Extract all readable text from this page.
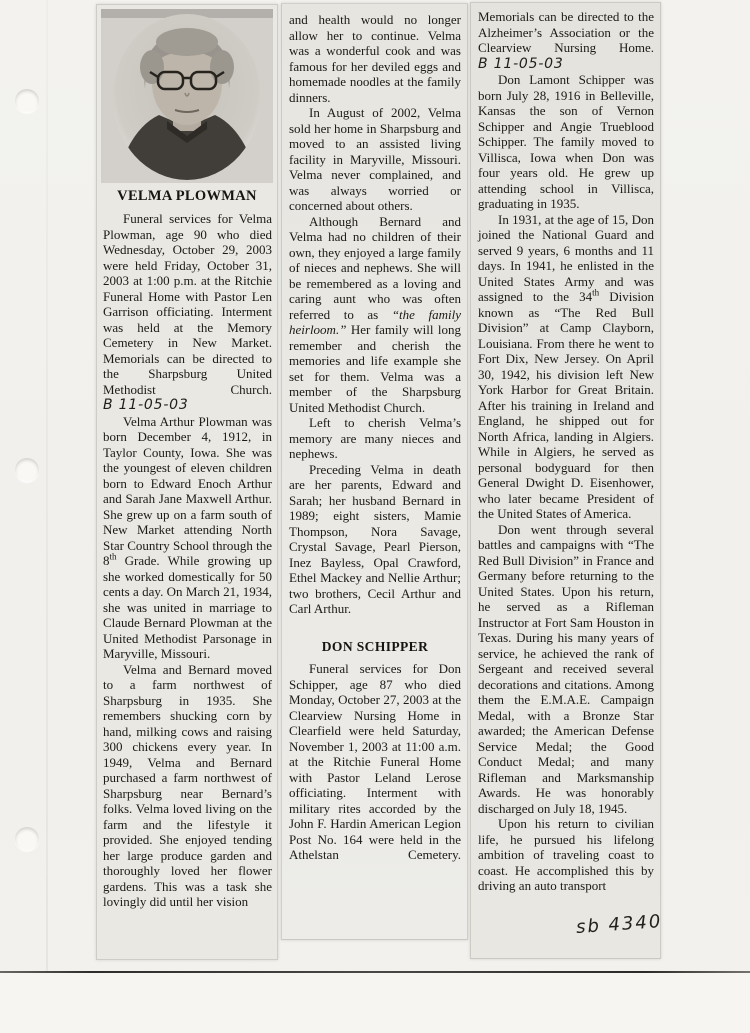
VELMA PLOWMAN

Funeral services for Velma Plowman, age 90 who died Wednesday, October 29, 2003 were held Friday, October 31, 2003 at 1:00 p.m. at the Ritchie Funeral Home with Pastor Len Garrison officiating. Interment was held at the Memory Cemetery in New Market. Memorials can be directed to the Sharpsburg United Methodist Church. B 11-05-03

Velma Arthur Plowman was born December 4, 1912, in Taylor County, Iowa. She was the youngest of eleven children born to Edward Enoch Arthur and Sarah Jane Maxwell Arthur. She grew up on a farm south of New Market attending North Star Country School through the 8th Grade. While growing up she worked domestically for 50 cents a day. On March 21, 1934, she was united in marriage to Claude Bernard Plowman at the United Methodist Parsonage in Maryville, Missouri.

Velma and Bernard moved to a farm northwest of Sharpsburg in 1935. She remembers shucking corn by hand, milking cows and raising 300 chickens every year. In 1949, Velma and Bernard purchased a farm northwest of Sharpsburg near Bernard’s folks. Velma loved living on the farm and the lifestyle it provided. She enjoyed tending her large produce garden and thoroughly loved her flower gardens. This was a task she lovingly did until her vision

and health would no longer allow her to continue. Velma was a wonderful cook and was famous for her deviled eggs and homemade noodles at the family dinners.

In August of 2002, Velma sold her home in Sharpsburg and moved to an assisted living facility in Maryville, Missouri. Velma never complained, and was always worried or concerned about others.

Although Bernard and Velma had no children of their own, they enjoyed a large family of nieces and nephews. She will be remembered as a loving and caring aunt who was often referred to as “the family heirloom.” Her family will long remember and cherish the memories and life example she set for them. Velma was a member of the Sharpsburg United Methodist Church.

Left to cherish Velma’s memory are many nieces and nephews.

Preceding Velma in death are her parents, Edward and Sarah; her husband Bernard in 1989; eight sisters, Mamie Thompson, Nora Savage, Crystal Savage, Pearl Pierson, Inez Bayless, Opal Crawford, Ethel Mackey and Nellie Arthur; two brothers, Cecil Arthur and Carl Arthur.

DON SCHIPPER

Funeral services for Don Schipper, age 87 who died Monday, October 27, 2003 at the Clearview Nursing Home in Clearfield were held Saturday, November 1, 2003 at 11:00 a.m. at the Ritchie Funeral Home with Pastor Leland Lerose officiating. Interment with military rites accorded by the John F. Hardin American Legion Post No. 164 were held in the Athelstan Cemetery.

Memorials can be directed to the Alzheimer’s Association or the Clearview Nursing Home. B 11-05-03

Don Lamont Schipper was born July 28, 1916 in Belleville, Kansas the son of Vernon Schipper and Angie Trueblood Schipper. The family moved to Villisca, Iowa when Don was four years old. He grew up attending school in Villisca, graduating in 1935.

In 1931, at the age of 15, Don joined the National Guard and served 9 years, 6 months and 11 days. In 1941, he enlisted in the United States Army and was assigned to the 34th Division known as “The Red Bull Division” at Camp Clayborn, Louisiana. From there he went to Fort Dix, New Jersey. On April 30, 1942, his division left New York Harbor for Great Britain. After his training in Ireland and England, he shipped out for North Africa, landing in Algiers. While in Algiers, he served as personal bodyguard for then General Dwight D. Eisenhower, who later became President of the United States of America.

Don went through several battles and campaigns with “The Red Bull Division” in France and Germany before returning to the United States. Upon his return, he served as a Rifleman Instructor at Fort Sam Houston in Texas. During his many years of service, he achieved the rank of Sergeant and received several decorations and citations. Among them the E.M.A.E. Campaign Medal, with a Bronze Star awarded; the American Defense Service Medal; the Good Conduct Medal; and many Rifleman and Marksmanship Awards. He was honorably discharged on July 18, 1945.

Upon his return to civilian life, he pursued his lifelong ambition of traveling coast to coast. He accomplished this by driving an auto transport

sb 4340
